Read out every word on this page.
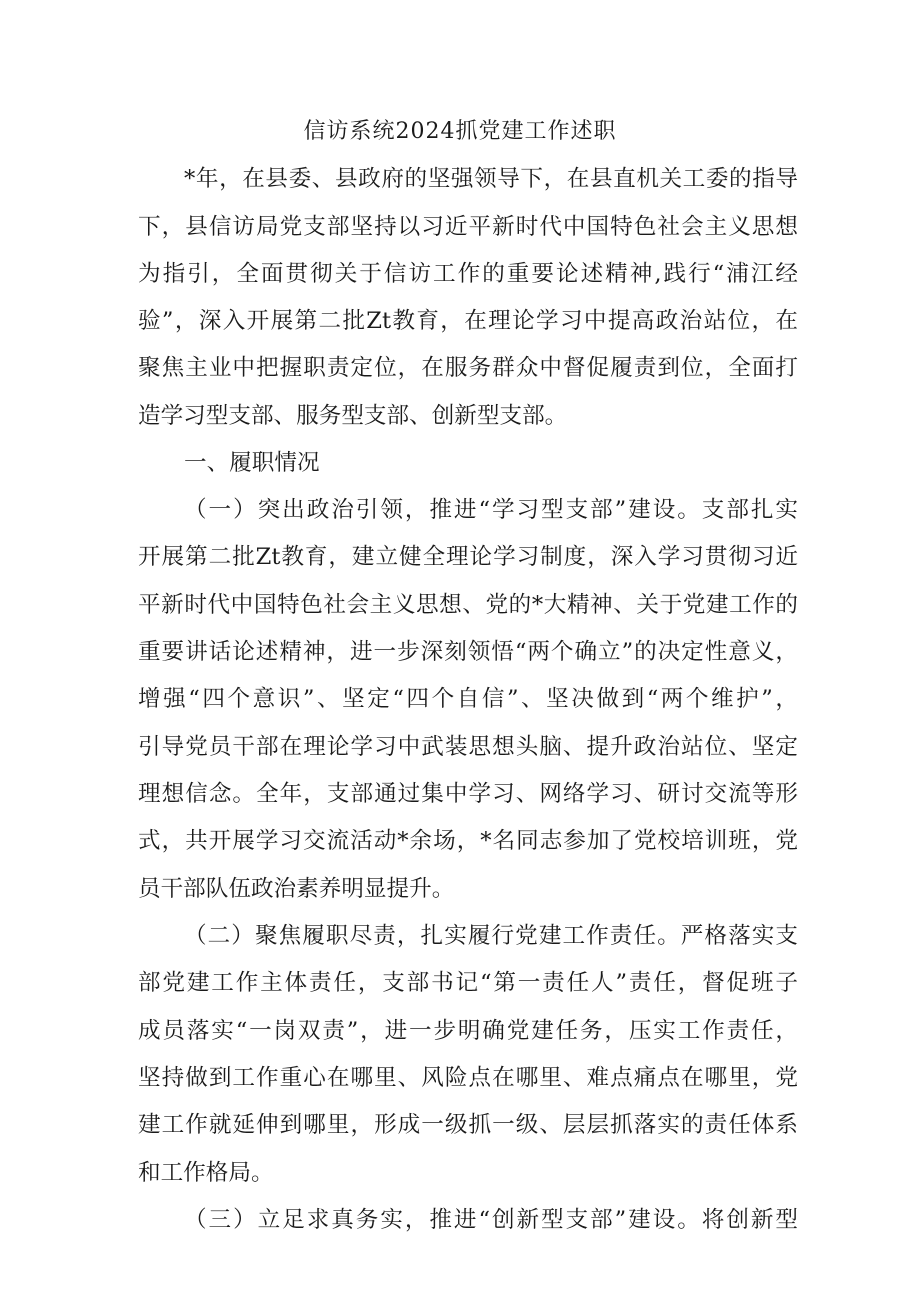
信访系统2024抓党建工作述职
*年，在县委、县政府的坚强领导下，在县直机关工委的指导
下，县信访局党支部坚持以习近平新时代中国特色社会主义思想
为指引，全面贯彻关于信访工作的重要论述精神,践行“浦江经
验”，深入开展第二批Zt教育，在理论学习中提高政治站位，在
聚焦主业中把握职责定位，在服务群众中督促履责到位，全面打
造学习型支部、服务型支部、创新型支部。
一、履职情况
（一）突出政治引领，推进“学习型支部”建设。支部扎实
开展第二批Zt教育，建立健全理论学习制度，深入学习贯彻习近
平新时代中国特色社会主义思想、党的*大精神、关于党建工作的
重要讲话论述精神，进一步深刻领悟“两个确立”的决定性意义，
增强“四个意识”、坚定“四个自信”、坚决做到“两个维护”，
引导党员干部在理论学习中武装思想头脑、提升政治站位、坚定
理想信念。全年，支部通过集中学习、网络学习、研讨交流等形
式，共开展学习交流活动*余场，*名同志参加了党校培训班，党
员干部队伍政治素养明显提升。
（二）聚焦履职尽责，扎实履行党建工作责任。严格落实支
部党建工作主体责任，支部书记“第一责任人”责任，督促班子
成员落实“一岗双责”，进一步明确党建任务，压实工作责任，
坚持做到工作重心在哪里、风险点在哪里、难点痛点在哪里，党
建工作就延伸到哪里，形成一级抓一级、层层抓落实的责任体系
和工作格局。
（三）立足求真务实，推进“创新型支部”建设。将创新型
